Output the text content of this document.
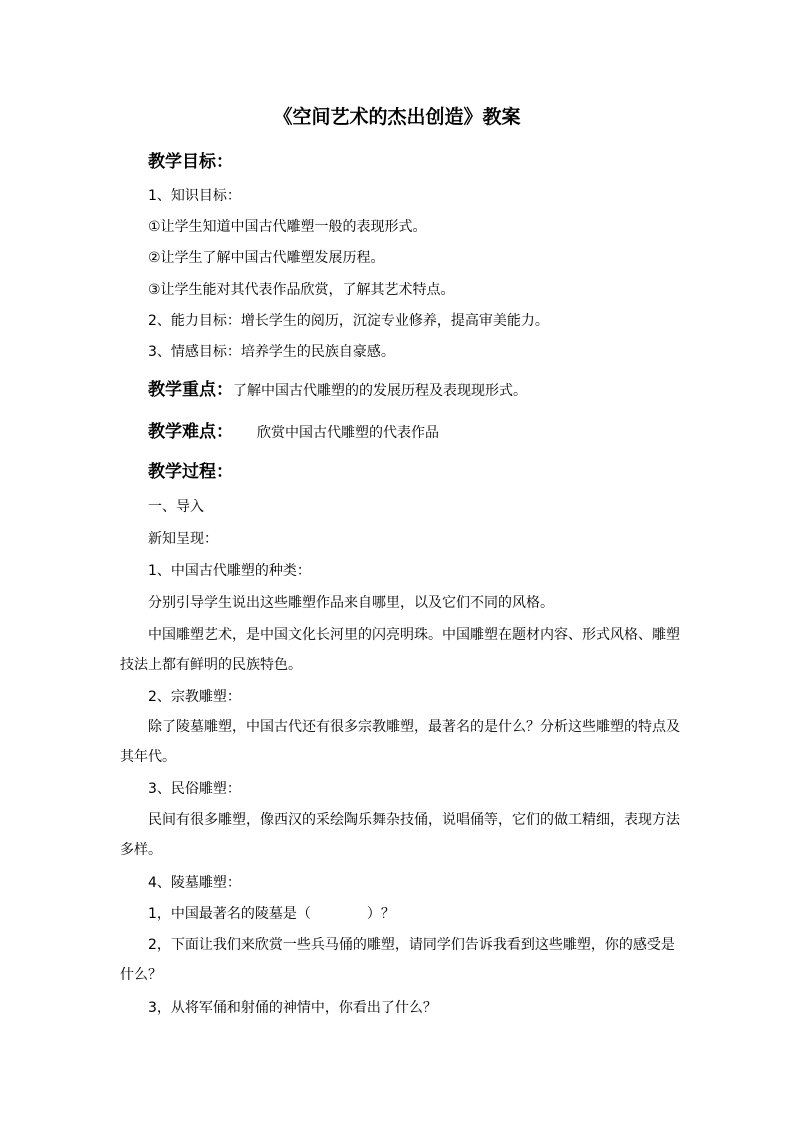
《空间艺术的杰出创造》教案
教学目标：
1、知识目标：
①让学生知道中国古代雕塑一般的表现形式。
②让学生了解中国古代雕塑发展历程。
③让学生能对其代表作品欣赏，了解其艺术特点。
2、能力目标：增长学生的阅历，沉淀专业修养，提高审美能力。
3、情感目标：培养学生的民族自豪感。
教学重点：了解中国古代雕塑的的发展历程及表现现形式。
教学难点： 欣赏中国古代雕塑的代表作品
教学过程：
一、导入
新知呈现：
1、中国古代雕塑的种类：
分别引导学生说出这些雕塑作品来自哪里，以及它们不同的风格。
中国雕塑艺术，是中国文化长河里的闪亮明珠。中国雕塑在题材内容、形式风格、雕塑
技法上都有鲜明的民族特色。
2、宗教雕塑：
除了陵墓雕塑，中国古代还有很多宗教雕塑，最著名的是什么？分析这些雕塑的特点及
其年代。
3、民俗雕塑：
民间有很多雕塑，像西汉的采绘陶乐舞杂技俑，说唱俑等，它们的做工精细，表现方法
多样。
4、陵墓雕塑：
1，中国最著名的陵墓是（　　　　）？
2，下面让我们来欣赏一些兵马俑的雕塑，请同学们告诉我看到这些雕塑，你的感受是
什么？
3，从将军俑和射俑的神情中，你看出了什么？
